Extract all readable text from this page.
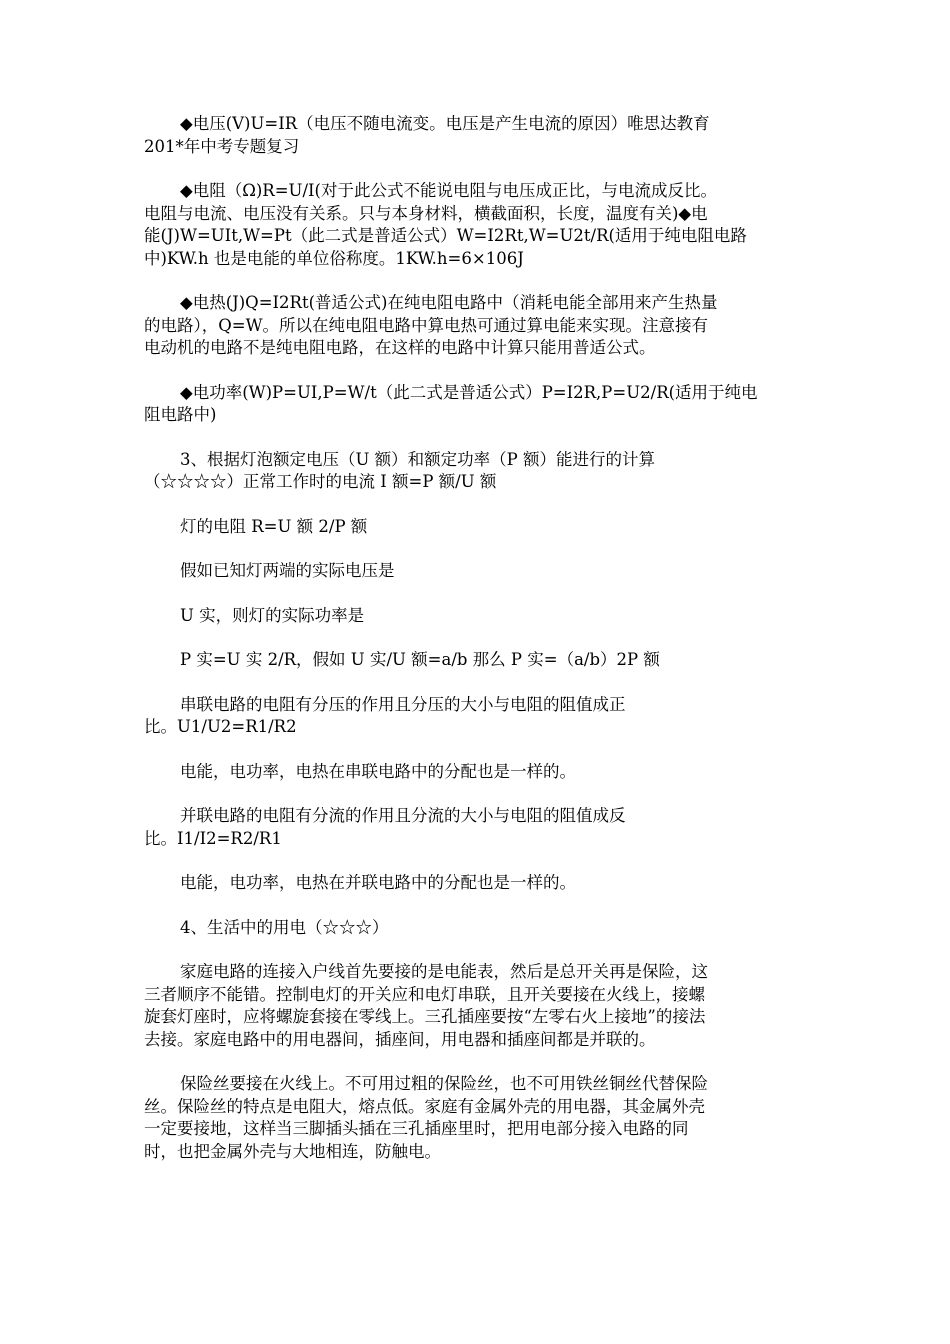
◆电压(V)U=IR（电压不随电流变。电压是产生电流的原因）唯思达教育
201*年中考专题复习
◆电阻（Ω)R=U/I(对于此公式不能说电阻与电压成正比，与电流成反比。
电阻与电流、电压没有关系。只与本身材料，横截面积，长度，温度有关)◆电
能(J)W=UIt,W=Pt（此二式是普适公式）W=I2Rt,W=U2t/R(适用于纯电阻电路
中)KW.h 也是电能的单位俗称度。1KW.h=6×106J
◆电热(J)Q=I2Rt(普适公式)在纯电阻电路中（消耗电能全部用来产生热量
的电路），Q=W。所以在纯电阻电路中算电热可通过算电能来实现。注意接有
电动机的电路不是纯电阻电路，在这样的电路中计算只能用普适公式。
◆电功率(W)P=UI,P=W/t（此二式是普适公式）P=I2R,P=U2/R(适用于纯电
阻电路中)
3、根据灯泡额定电压（U 额）和额定功率（P 额）能进行的计算
（☆☆☆☆）正常工作时的电流 I 额=P 额/U 额
灯的电阻 R=U 额 2/P 额
假如已知灯两端的实际电压是
U 实，则灯的实际功率是
P 实=U 实 2/R，假如 U 实/U 额=a/b 那么 P 实=（a/b）2P 额
串联电路的电阻有分压的作用且分压的大小与电阻的阻值成正
比。U1/U2=R1/R2
电能，电功率，电热在串联电路中的分配也是一样的。
并联电路的电阻有分流的作用且分流的大小与电阻的阻值成反
比。I1/I2=R2/R1
电能，电功率，电热在并联电路中的分配也是一样的。
4、生活中的用电（☆☆☆）
家庭电路的连接入户线首先要接的是电能表，然后是总开关再是保险，这
三者顺序不能错。控制电灯的开关应和电灯串联，且开关要接在火线上，接螺
旋套灯座时，应将螺旋套接在零线上。三孔插座要按“左零右火上接地”的接法
去接。家庭电路中的用电器间，插座间，用电器和插座间都是并联的。
保险丝要接在火线上。不可用过粗的保险丝，也不可用铁丝铜丝代替保险
丝。保险丝的特点是电阻大，熔点低。家庭有金属外壳的用电器，其金属外壳
一定要接地，这样当三脚插头插在三孔插座里时，把用电部分接入电路的同
时，也把金属外壳与大地相连，防触电。
